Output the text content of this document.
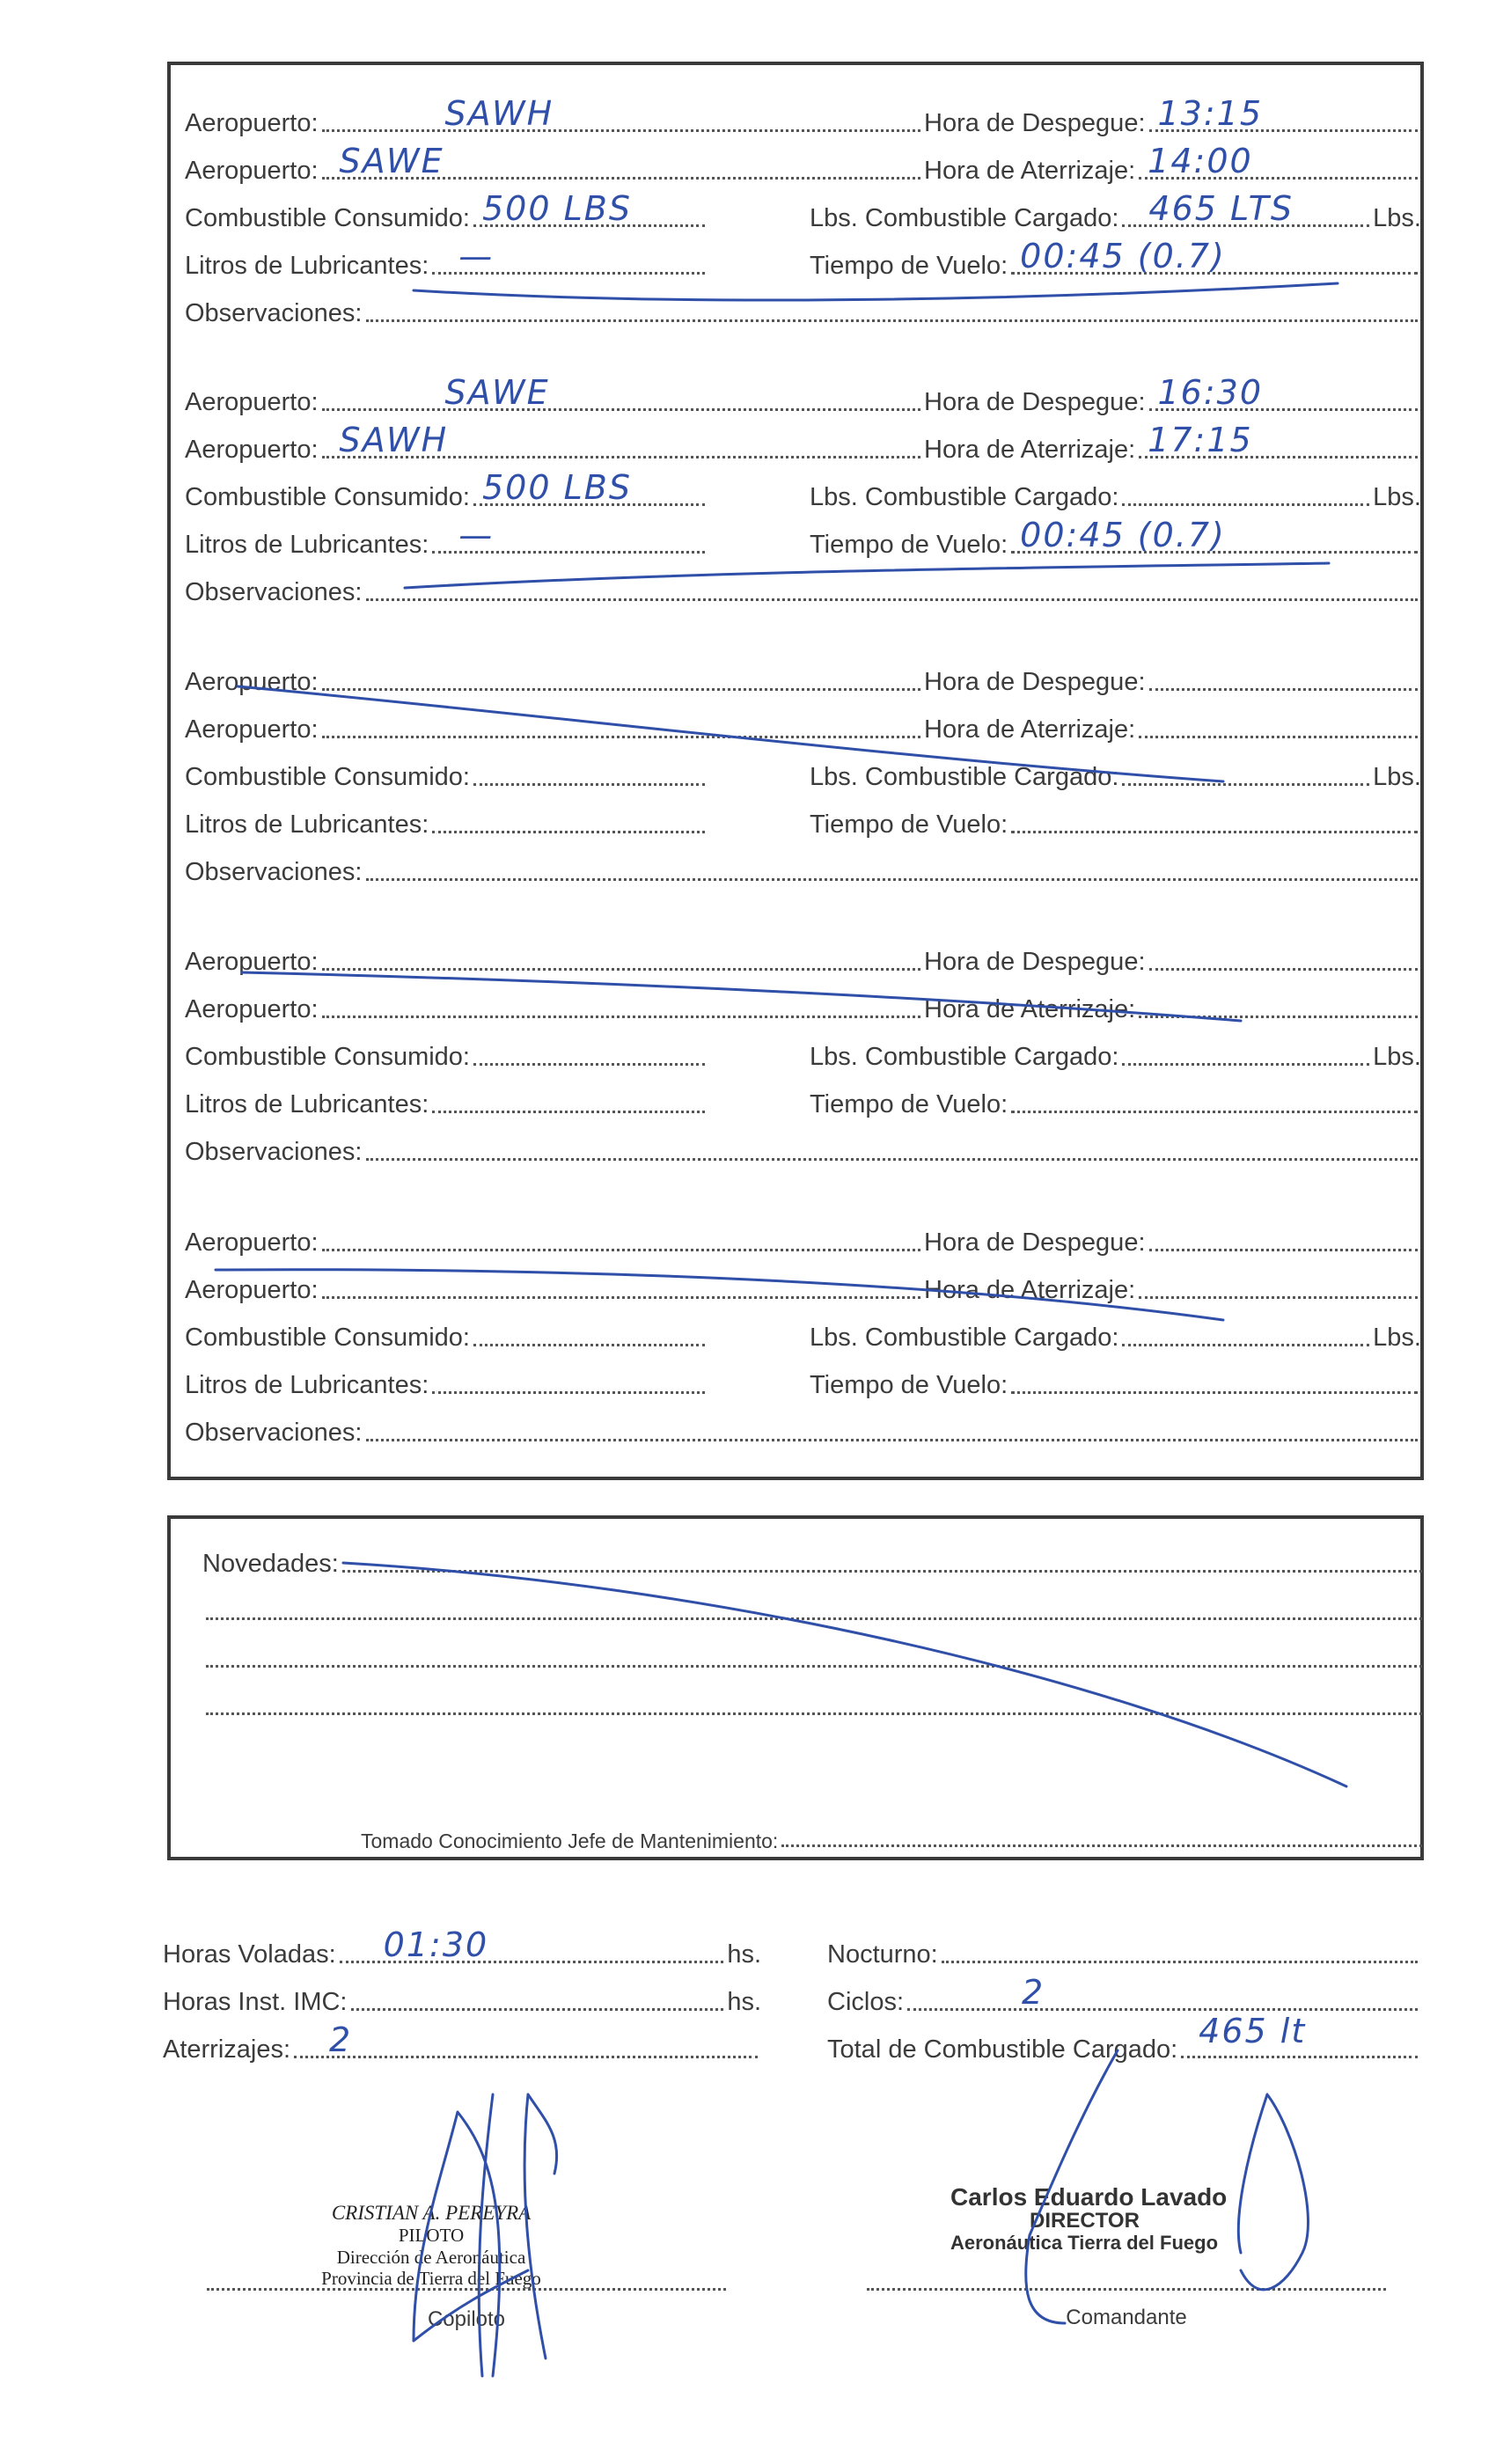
Aeropuerto:	SAWH	Hora de Despegue: 13:15
Aeropuerto: SAWE	Hora de Aterrizaje: 14:00
Combustible Consumido: 500 LBS	Lbs. Combustible Cargado: 465 LTS	Lbs.
Litros de Lubricantes: —	Tiempo de Vuelo: 00:45 (0.7)
Observaciones:
Aeropuerto:	SAWE	Hora de Despegue: 16:30
Aeropuerto: SAWH	Hora de Aterrizaje: 17:15
Combustible Consumido: 500 LBS	Lbs. Combustible Cargado:	Lbs.
Litros de Lubricantes: —	Tiempo de Vuelo: 00:45 (0.7)
Observaciones:
Aeropuerto:	Hora de Despegue:
Aeropuerto:	Hora de Aterrizaje:
Combustible Consumido:	Lbs. Combustible Cargado:	Lbs.
Litros de Lubricantes:	Tiempo de Vuelo:
Observaciones:
Aeropuerto:	Hora de Despegue:
Aeropuerto:	Hora de Aterrizaje:
Combustible Consumido:	Lbs. Combustible Cargado:	Lbs.
Litros de Lubricantes:	Tiempo de Vuelo:
Observaciones:
Aeropuerto:	Hora de Despegue:
Aeropuerto:	Hora de Aterrizaje:
Combustible Consumido:	Lbs. Combustible Cargado:	Lbs.
Litros de Lubricantes:	Tiempo de Vuelo:
Observaciones:
Novedades:
Tomado Conocimiento Jefe de Mantenimiento:
Horas Voladas: 01:30	hs.
Horas Inst. IMC:	hs.
Aterrizajes: 2
Nocturno:
Ciclos:	2
Total de Combustible Cargado: 465 lt
CRISTIAN A. PEREYRA
PILOTO
Dirección de Aeronáutica
Provincia de Tierra del Fuego
Copiloto
Carlos Eduardo Lavado
DIRECTOR
Aeronáutica Tierra del Fuego
Comandante
